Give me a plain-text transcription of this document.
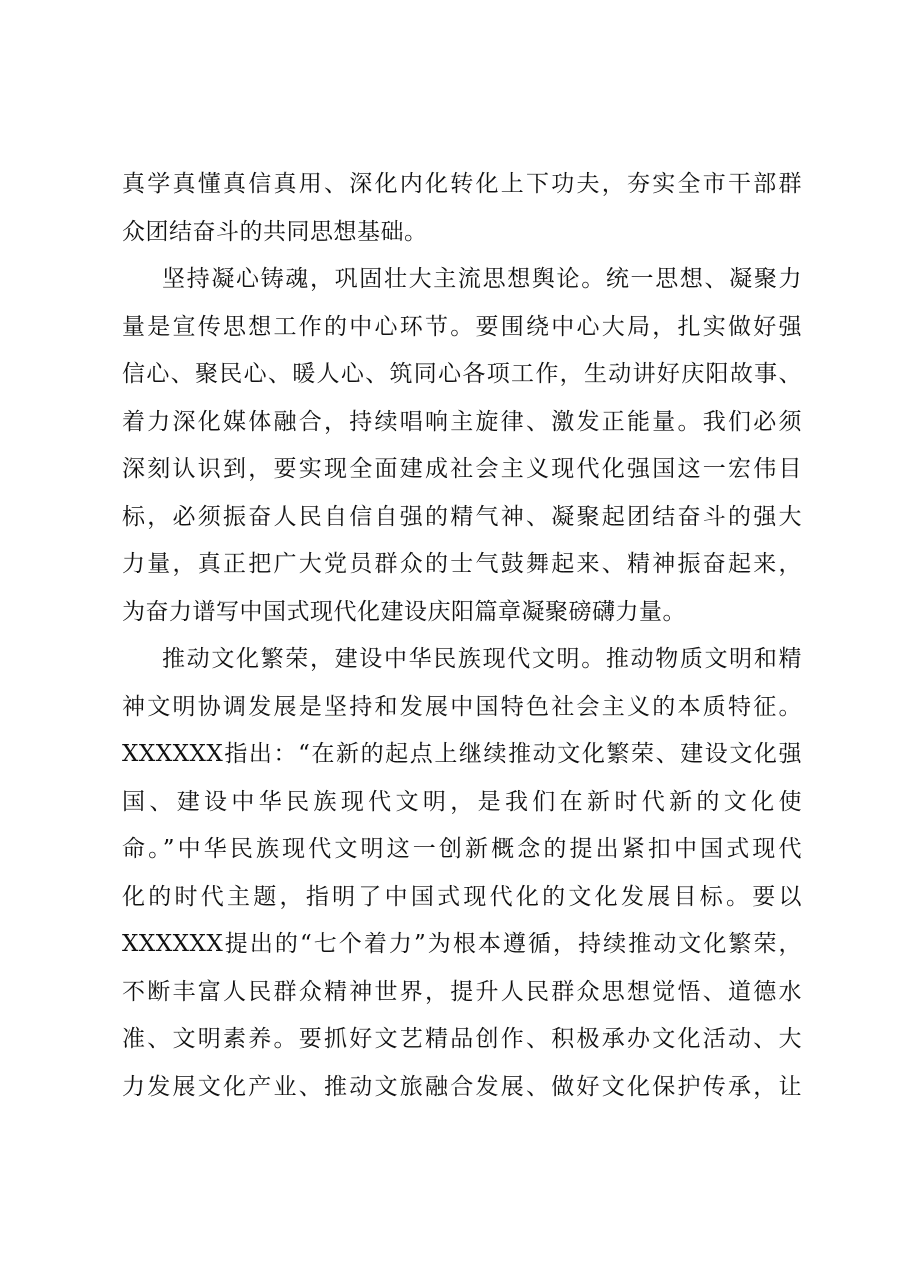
真学真懂真信真用、深化内化转化上下功夫，夯实全市干部群
众团结奋斗的共同思想基础。
坚持凝心铸魂，巩固壮大主流思想舆论。统一思想、凝聚力
量是宣传思想工作的中心环节。要围绕中心大局，扎实做好强
信心、聚民心、暖人心、筑同心各项工作，生动讲好庆阳故事、
着力深化媒体融合，持续唱响主旋律、激发正能量。我们必须
深刻认识到，要实现全面建成社会主义现代化强国这一宏伟目
标，必须振奋人民自信自强的精气神、凝聚起团结奋斗的强大
力量，真正把广大党员群众的士气鼓舞起来、精神振奋起来，
为奋力谱写中国式现代化建设庆阳篇章凝聚磅礴力量。
推动文化繁荣，建设中华民族现代文明。推动物质文明和精
神文明协调发展是坚持和发展中国特色社会主义的本质特征。
XXXXXX指出：“在新的起点上继续推动文化繁荣、建设文化强
国、建设中华民族现代文明，是我们在新时代新的文化使
命。”中华民族现代文明这一创新概念的提出紧扣中国式现代
化的时代主题，指明了中国式现代化的文化发展目标。要以
XXXXXX提出的“七个着力”为根本遵循，持续推动文化繁荣，
不断丰富人民群众精神世界，提升人民群众思想觉悟、道德水
准、文明素养。要抓好文艺精品创作、积极承办文化活动、大
力发展文化产业、推动文旅融合发展、做好文化保护传承，让
